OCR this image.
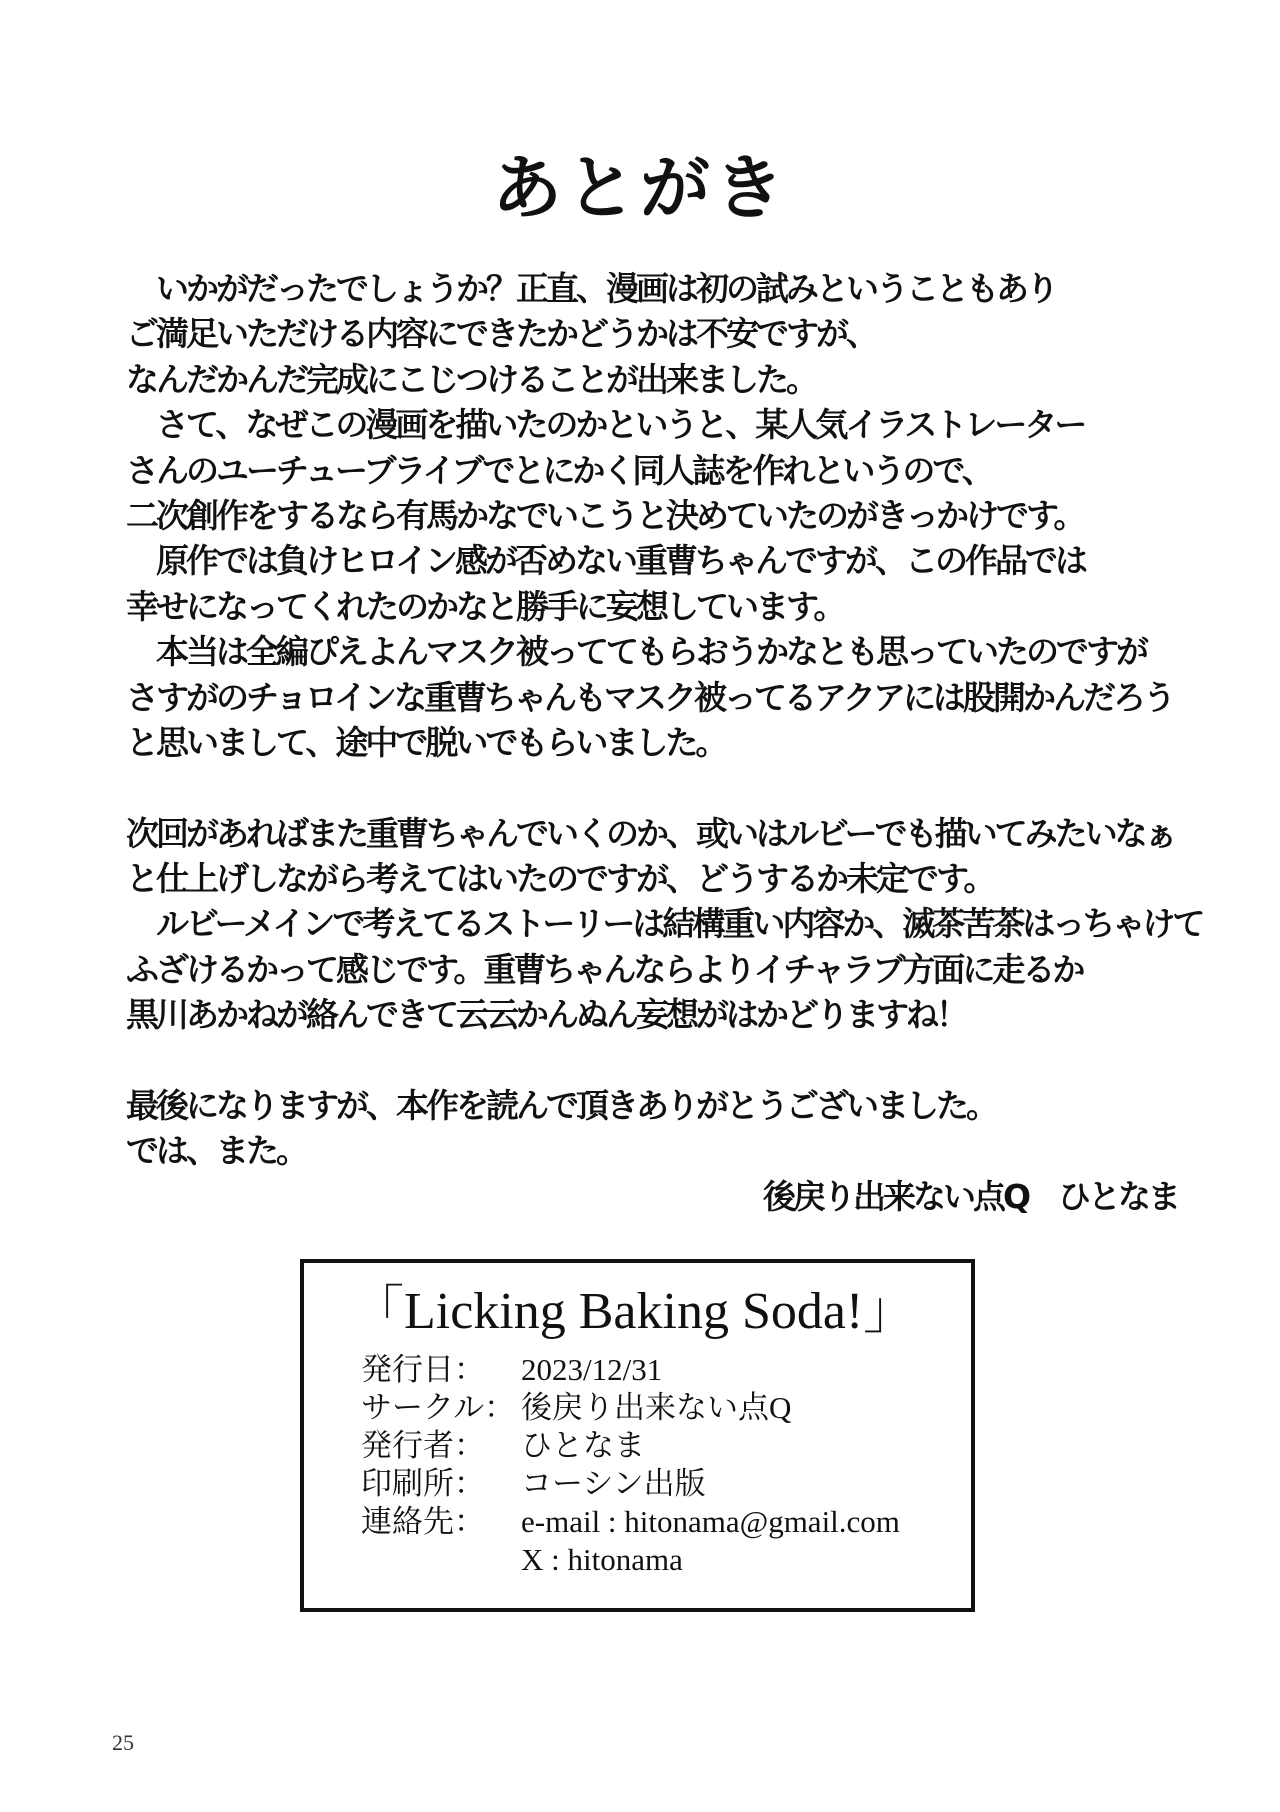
あとがき
いかがだったでしょうか？正直、漫画は初の試みということもあり
ご満足いただける内容にできたかどうかは不安ですが、
なんだかんだ完成にこじつけることが出来ました。
さて、なぜこの漫画を描いたのかというと、某人気イラストレーター
さんのユーチューブライブでとにかく同人誌を作れというので、
二次創作をするなら有馬かなでいこうと決めていたのがきっかけです。
原作では負けヒロイン感が否めない重曹ちゃんですが、この作品では
幸せになってくれたのかなと勝手に妄想しています。
本当は全編ぴえよんマスク被っててもらおうかなとも思っていたのですが
さすがのチョロインな重曹ちゃんもマスク被ってるアクアには股開かんだろう
と思いまして、途中で脱いでもらいました。
次回があればまた重曹ちゃんでいくのか、或いはルビーでも描いてみたいなぁ
と仕上げしながら考えてはいたのですが、どうするか未定です。
ルビーメインで考えてるストーリーは結構重い内容か、滅茶苦茶はっちゃけて
ふざけるかって感じです。重曹ちゃんならよりイチャラブ方面に走るか
黒川あかねが絡んできて云云かんぬん妄想がはかどりますね！
最後になりますが、本作を読んで頂きありがとうございました。
では、また。
後戻り出来ない点Q　ひとなま
「Licking Baking Soda!」
発行日：	2023/12/31
サークル： 後戻り出来ない点Q
発行者：	ひとなま
印刷所：	コーシン出版
連絡先：	e-mail : hitonama@gmail.com
X : hitonama
25
